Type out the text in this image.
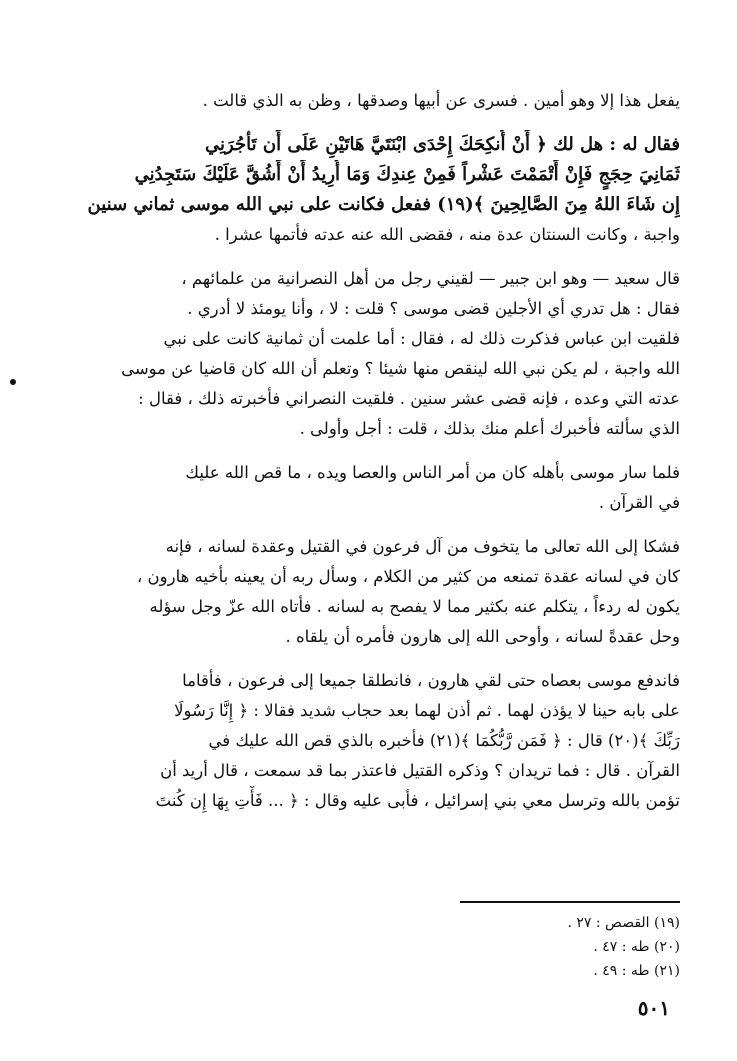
يفعل هذا إلا وهو أمين . فسرى عن أبيها وصدقها ، وظن به الذي قالت .

فقال له : هل لك ﴿ أَنْ أُنكِحَكَ إِحْدَى ابْنَتَيَّ هَاتَيْنِ عَلَى أَن تَأْجُرَنِي
ثَمَانِيَ حِجَجٍ فَإِنْ أَتْمَمْتَ عَشْراً فَمِنْ عِندِكَ وَمَا أُرِيدُ أَنْ أَشُقَّ عَلَيْكَ سَتَجِدُنِي
إِن شَاءَ اللهُ مِنَ الصَّالِحِينَ ﴾(١٩) ففعل فكانت على نبي الله موسى ثماني سنين
واجبة ، وكانت السنتان عدة منه ، فقضى الله عنه عدته فأتمها عشرا .

قال سعيد — وهو ابن جبير — لقيني رجل من أهل النصرانية من علمائهم ،
فقال : هل تدري أي الأجلين قضى موسى ؟ قلت : لا ، وأنا يومئذ لا أدري .
فلقيت ابن عباس فذكرت ذلك له ، فقال : أما علمت أن ثمانية كانت على نبي
الله واجبة ، لم يكن نبي الله لينقص منها شيئا ؟ وتعلم أن الله كان قاضيا عن موسى
عدته التي وعده ، فإنه قضى عشر سنين . فلقيت النصراني فأخبرته ذلك ، فقال :
الذي سألته فأخبرك أعلم منك بذلك ، قلت : أجل وأولى .

فلما سار موسى بأهله كان من أمر الناس والعصا ويده ، ما قص الله عليك
في القرآن .

فشكا إلى الله تعالى ما يتخوف من آل فرعون في القتيل وعقدة لسانه ، فإنه
كان في لسانه عقدة تمنعه من كثير من الكلام ، وسأل ربه أن يعينه بأخيه هارون ،
يكون له ردءاً ، يتكلم عنه بكثير مما لا يفصح به لسانه . فأتاه الله عزّ وجل سؤله
وحل عقدةً لسانه ، وأوحى الله إلى هارون فأمره أن يلقاه .

فاندفع موسى بعصاه حتى لقي هارون ، فانطلقا جميعا إلى فرعون ، فأقاما
على بابه حينا لا يؤذن لهما . ثم أذن لهما بعد حجاب شديد فقالا : ﴿ إِنَّا رَسُولَا
رَبِّكَ ﴾(٢٠) قال : ﴿ فَمَن رَّبُّكُمَا ﴾(٢١) فأخبره بالذي قص الله عليك في
القرآن . قال : فما تريدان ؟ وذكره القتيل فاعتذر بما قد سمعت ، قال أريد أن
تؤمن بالله وترسل معي بني إسرائيل ، فأبى عليه وقال : ﴿ ... فَأْتِ بِهَا إِن كُنتَ

(١٩) القصص : ٢٧ .
(٢٠) طه : ٤٧ .
(٢١) طه : ٤٩ .
٥٠١
